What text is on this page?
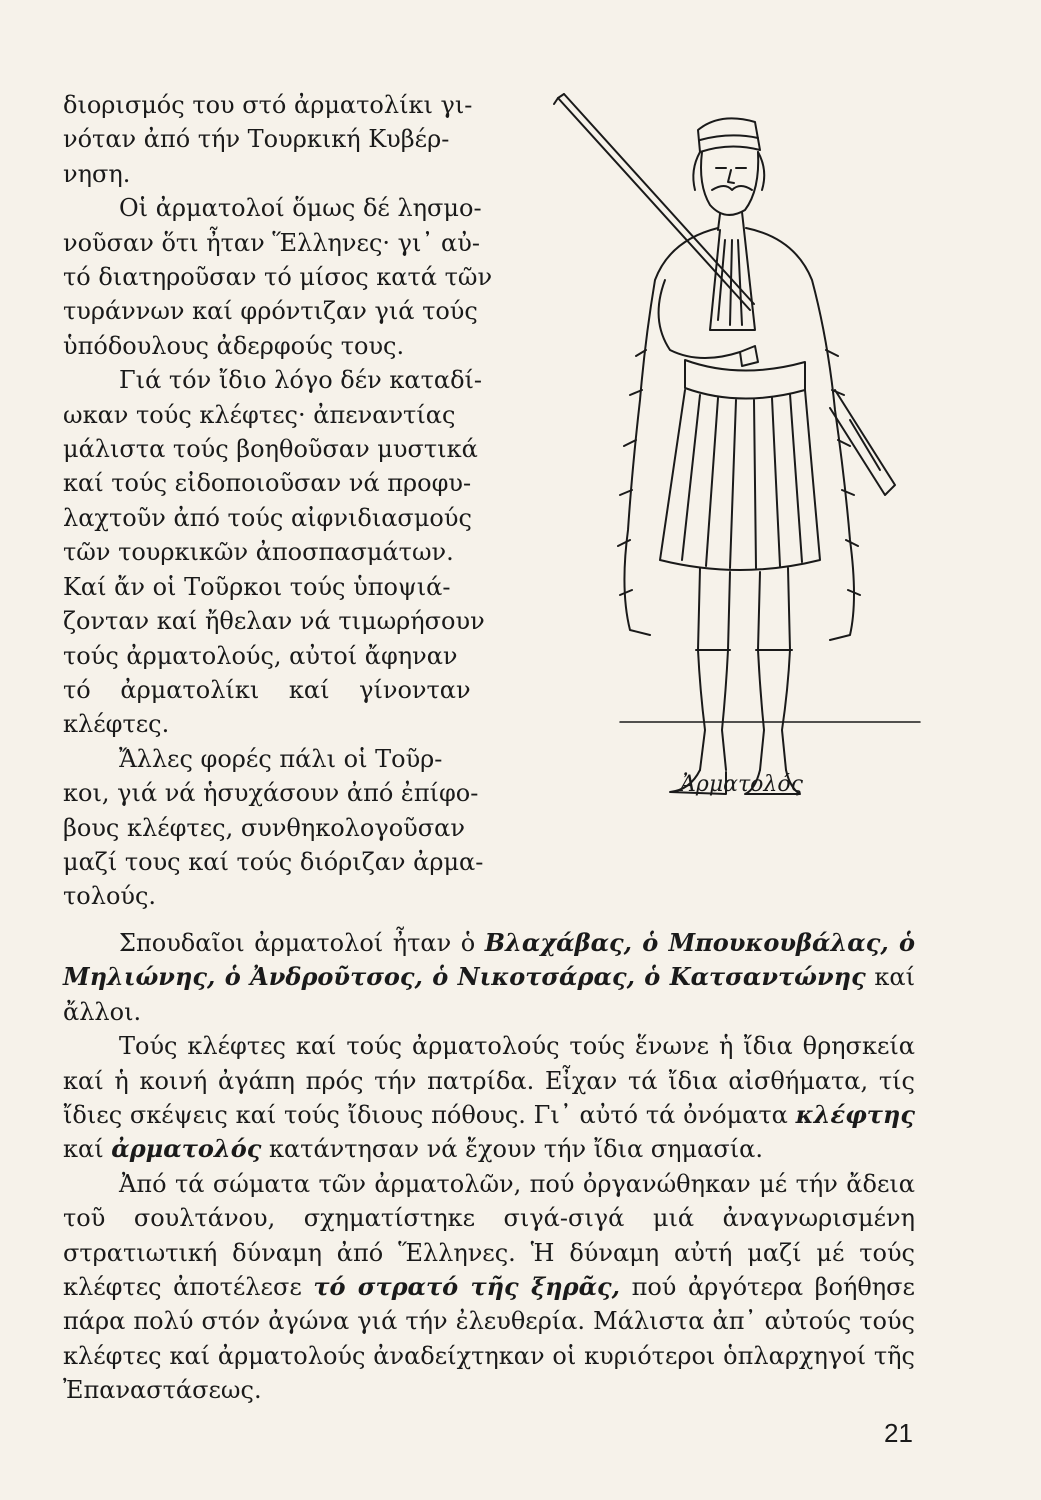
διορισμός του στό ἀρματολίκι γι-

νόταν ἀπό τήν Τουρκική Κυβέρ-

νηση.

Οἱ ἀρματολοί ὅμως δέ λησμο-

νοῦσαν ὅτι ἦταν Ἕλληνες· γι᾽ αὐ-

τό διατηροῦσαν τό μίσος κατά τῶν

τυράννων καί φρόντιζαν γιά τούς

ὑπόδουλους ἀδερφούς τους.

Γιά τόν ἴδιο λόγο δέν καταδί-

ωκαν τούς κλέφτες· ἀπεναντίας

μάλιστα τούς βοηθοῦσαν μυστικά

καί τούς εἰδοποιοῦσαν νά προφυ-

λαχτοῦν ἀπό τούς αἰφνιδιασμούς

τῶν τουρκικῶν ἀποσπασμάτων.

Καί ἄν οἱ Τοῦρκοι τούς ὑποψιά-

ζονταν καί ἤθελαν νά τιμωρήσουν

τούς ἀρματολούς, αὐτοί ἄφηναν

τό ἀρματολίκι καί γίνονταν

κλέφτες.

Ἄλλες φορές πάλι οἱ Τοῦρ-

κοι, γιά νά ἡσυχάσουν ἀπό ἐπίφο-

βους κλέφτες, συνθηκολογοῦσαν

μαζί τους καί τούς διόριζαν ἀρμα-

τολούς.

Ἀρματολός

Σπουδαῖοι ἀρματολοί ἦταν ὁ Βλαχάβας, ὁ Μπουκουβάλας, ὁ Μηλιώνης, ὁ Ἀνδροῦτσος, ὁ Νικοτσάρας, ὁ Κατσαντώνης καί ἄλλοι.

Τούς κλέφτες καί τούς ἀρματολούς τούς ἕνωνε ἡ ἴδια θρησκεία καί ἡ κοινή ἀγάπη πρός τήν πατρίδα. Εἶχαν τά ἴδια αἰσθήματα, τίς ἴδιες σκέψεις καί τούς ἴδιους πόθους. Γι᾽ αὐτό τά ὀνόματα κλέφτης καί ἀρματολός κατάντησαν νά ἔχουν τήν ἴδια σημασία.

Ἀπό τά σώματα τῶν ἀρματολῶν, πού ὀργανώθηκαν μέ τήν ἄδεια τοῦ σουλτάνου, σχηματίστηκε σιγά-σιγά μιά ἀναγνωρισμένη στρατιωτική δύναμη ἀπό Ἕλληνες. Ἡ δύναμη αὐτή μαζί μέ τούς κλέφτες ἀποτέλεσε τό στρατό τῆς ξηρᾶς, πού ἀργότερα βοήθησε πάρα πολύ στόν ἀγώνα γιά τήν ἐλευθερία. Μάλιστα ἀπ᾽ αὐτούς τούς κλέφτες καί ἀρματολούς ἀναδείχτηκαν οἱ κυριότεροι ὁπλαρχηγοί τῆς Ἐπαναστάσεως.

21
